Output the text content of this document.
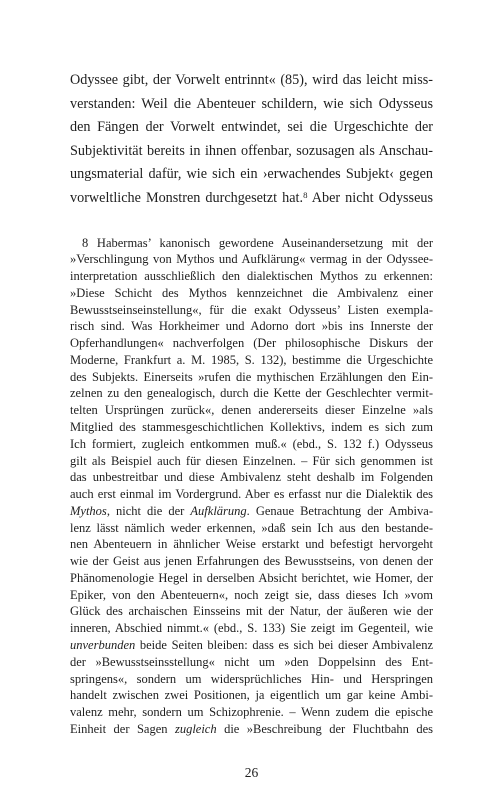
Odyssee gibt, der Vorwelt entrinnt« (85), wird das leicht miss-
verstanden: Weil die Abenteuer schildern, wie sich Odysseus
den Fängen der Vorwelt entwindet, sei die Urgeschichte der
Subjektivität bereits in ihnen offenbar, sozusagen als Anschau-
ungsmaterial dafür, wie sich ein ›erwachendes Subjekt‹ gegen
vorweltliche Monstren durchgesetzt hat.$^8$ Aber nicht Odysseus
8 Habermas’ kanonisch gewordene Auseinandersetzung mit der
»Verschlingung von Mythos und Aufklärung« vermag in der Odyssee-
interpretation ausschließlich den dialektischen Mythos zu erkennen:
»Diese Schicht des Mythos kennzeichnet die Ambivalenz einer
Bewusstseinseinstellung«, für die exakt Odysseus’ Listen exempla-
risch sind. Was Horkheimer und Adorno dort »bis ins Innerste der
Opferhandlungen« nachverfolgen (Der philosophische Diskurs der
Moderne, Frankfurt a. M. 1985, S. 132), bestimme die Urgeschichte
des Subjekts. Einerseits »rufen die mythischen Erzählungen den Ein-
zelnen zu den genealogisch, durch die Kette der Geschlechter vermit-
telten Ursprüngen zurück«, denen andererseits dieser Einzelne »als
Mitglied des stammesgeschichtlichen Kollektivs, indem es sich zum
Ich formiert, zugleich entkommen muß.« (ebd., S. 132 f.) Odysseus
gilt als Beispiel auch für diesen Einzelnen. – Für sich genommen ist
das unbestreitbar und diese Ambivalenz steht deshalb im Folgenden
auch erst einmal im Vordergrund. Aber es erfasst nur die Dialektik des
Mythos, nicht die der Aufklärung. Genaue Betrachtung der Ambiva-
lenz lässt nämlich weder erkennen, »daß sein Ich aus den bestande-
nen Abenteuern in ähnlicher Weise erstarkt und befestigt hervorgeht
wie der Geist aus jenen Erfahrungen des Bewusstseins, von denen der
Phänomenologie Hegel in derselben Absicht berichtet, wie Homer, der
Epiker, von den Abenteuern«, noch zeigt sie, dass dieses Ich »vom
Glück des archaischen Einsseins mit der Natur, der äußeren wie der
inneren, Abschied nimmt.« (ebd., S. 133) Sie zeigt im Gegenteil, wie
unverbunden beide Seiten bleiben: dass es sich bei dieser Ambivalenz
der »Bewusstseinsstellung« nicht um »den Doppelsinn des Ent-
springens«, sondern um widersprüchliches Hin- und Herspringen
handelt zwischen zwei Positionen, ja eigentlich um gar keine Ambi-
valenz mehr, sondern um Schizophrenie. – Wenn zudem die epische
Einheit der Sagen zugleich die »Beschreibung der Fluchtbahn des
26
